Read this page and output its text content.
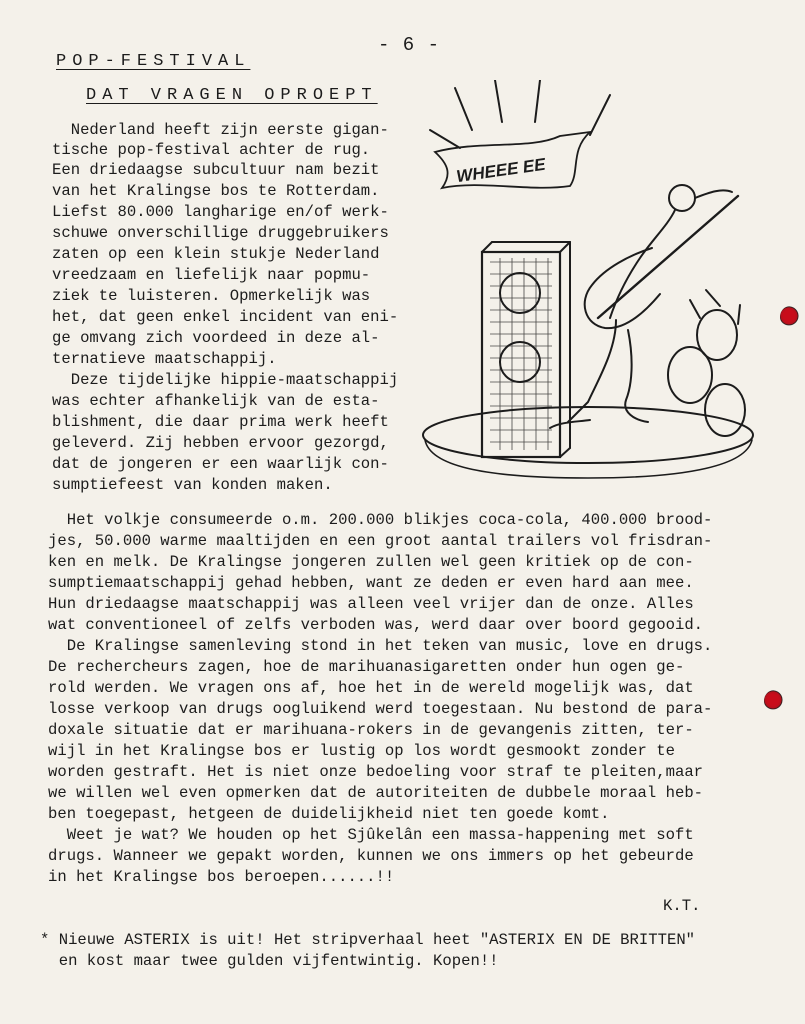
- 6 -
POP-FESTIVAL
DAT VRAGEN OPROEPT
Nederland heeft zijn eerste gigan-
tische pop-festival achter de rug.
Een driedaagse subcultuur nam bezit
van het Kralingse bos te Rotterdam.
Liefst 80.000 langharige en/of werk-
schuwe onverschillige druggebruikers
zaten op een klein stukje Nederland
vreedzaam en liefelijk naar popmu-
ziek te luisteren. Opmerkelijk was
het, dat geen enkel incident van eni-
ge omvang zich voordeed in deze al-
ternatieve maatschappij.
Deze tijdelijke hippie-maatschappij
was echter afhankelijk van de esta-
blishment, die daar prima werk heeft
geleverd. Zij hebben ervoor gezorgd,
dat de jongeren er een waarlijk con-
sumptiefeest van konden maken.
WHEEE EE
Het volkje consumeerde o.m. 200.000 blikjes coca-cola, 400.000 brood-
jes, 50.000 warme maaltijden en een groot aantal trailers vol frisdran-
ken en melk. De Kralingse jongeren zullen wel geen kritiek op de con-
sumptiemaatschappij gehad hebben, want ze deden er even hard aan mee.
Hun driedaagse maatschappij was alleen veel vrijer dan de onze. Alles
wat conventioneel of zelfs verboden was, werd daar over boord gegooid.
De Kralingse samenleving stond in het teken van music, love en drugs.
De rechercheurs zagen, hoe de marihuanasigaretten onder hun ogen ge-
rold werden. We vragen ons af, hoe het in de wereld mogelijk was, dat
losse verkoop van drugs oogluikend werd toegestaan. Nu bestond de para-
doxale situatie dat er marihuana-rokers in de gevangenis zitten, ter-
wijl in het Kralingse bos er lustig op los wordt gesmookt zonder te
worden gestraft. Het is niet onze bedoeling voor straf te pleiten,maar
we willen wel even opmerken dat de autoriteiten de dubbele moraal heb-
ben toegepast, hetgeen de duidelijkheid niet ten goede komt.
Weet je wat? We houden op het Sjûkelân een massa-happening met soft
drugs. Wanneer we gepakt worden, kunnen we ons immers op het gebeurde
in het Kralingse bos beroepen......!!
K.T.
* Nieuwe ASTERIX is uit! Het stripverhaal heet "ASTERIX EN DE BRITTEN"
en kost maar twee gulden vijfentwintig. Kopen!!
